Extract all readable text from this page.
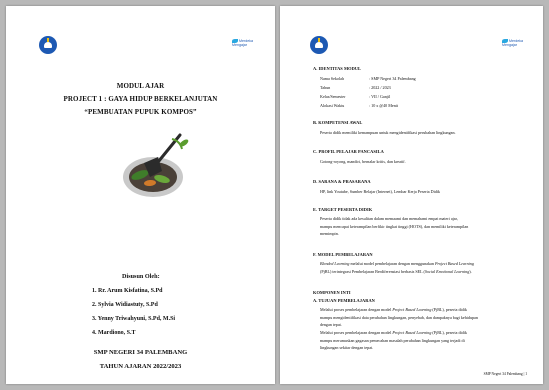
Merdeka
Mengajar
MODUL AJAR
PROJECT 1 : GAYA HIDUP BERKELANJUTAN
“PEMBUATAN PUPUK KOMPOS”
Disusun Oleh:
1. Rr. Arum Kisfatina, S.Pd
2. Sylvia Widiastuty, S.Pd
3. Yenny Triwahyuni, S.Pd, M.Si
4. Mardiono, S.T
SMP NEGERI 34 PALEMBANG
TAHUN AJARAN 2022/2023
Merdeka
Mengajar
A. IDENTITAS MODUL
Nama Sekolah	: SMP Negeri 34 Palembang
Tahun	: 2022 / 2023
Kelas/Semester	: VII / Ganjil
Alokasi Waktu	: 10 x @40 Menit
B. KOMPETENSI AWAL
Peserta didik memiliki kemampuan untuk mengidentifikasi perubahan lingkungan.
C. PROFIL PELAJAR PANCASILA
Gotong-royong, mandiri, bernalar kritis, dan kreatif.
D. SARANA & PRASARANA
HP, link Youtube, Sumber Belajar (Internet), Lembar Kerja Peserta Didik
E. TARGET PESERTA DIDIK
Peserta didik tidak ada kesulitan dalam memaami dan memahami empat materi ajar,
mampu mencapai keterampilan berfikir tingkat tinggi (HOTS), dan memiliki keterampilan
memimpin.
F. MODEL PEMBELAJARAN
Blended Learning melalui model pembelajaran dengan menggunakan Project Based Learning
(PjBL) terintegrasi Pembelajaran Berdiferensiasi berbasis SEL (Social Emotional Learning).
KOMPONEN INTI
A. TUJUAN PEMBELAJARAN
Melalui proses pembelajaran dengan model Project Based Learning (PjBL), peserta didik
mampu mengidentifikasi data perubahan lingkungan, penyebab, dan dampaknya bagi kehidupan
dengan tepat.
Melalui proses pembelajaran dengan model Project Based Learning (PjBL), peserta didik
mampu merumuskan gagasan pemecahan masalah perubahan lingkungan yang terjadi di
lingkungan sekitar dengan tepat.
SMP Negeri 34 Palembang | 1
